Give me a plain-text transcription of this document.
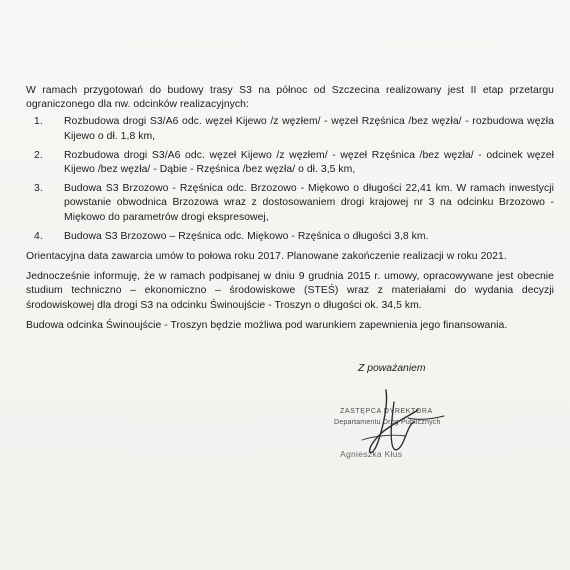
W ramach przygotowań do budowy trasy S3 na północ od Szczecina realizowany jest II etap przetargu ograniczonego dla nw. odcinków realizacyjnych:

1. Rozbudowa drogi S3/A6 odc. węzeł Kijewo /z węzłem/ - węzeł Rzęśnica /bez węzła/ - rozbudowa węzła Kijewo o dł. 1,8 km,
2. Rozbudowa drogi S3/A6 odc. węzeł Kijewo /z węzłem/ - węzeł Rzęśnica /bez węzła/ - odcinek węzeł Kijewo /bez węzła/ - Dąbie - Rzęśnica /bez węzła/ o dł. 3,5 km,
3. Budowa S3 Brzozowo - Rzęśnica odc. Brzozowo - Miękowo o długości 22,41 km. W ramach inwestycji powstanie obwodnica Brzozowa wraz z dostosowaniem drogi krajowej nr 3 na odcinku Brzozowo - Miękowo do parametrów drogi ekspresowej,
4. Budowa S3 Brzozowo – Rzęśnica odc. Miękowo - Rzęśnica o długości 3,8 km.

Orientacyjna data zawarcia umów to połowa roku 2017. Planowane zakończenie realizacji w roku 2021.

Jednocześnie informuję, że w ramach podpisanej w dniu 9 grudnia 2015 r. umowy, opracowywane jest obecnie studium techniczno – ekonomiczno – środowiskowe (STEŚ) wraz z materiałami do wydania decyzji środowiskowej dla drogi S3 na odcinku Świnoujście - Troszyn o długości ok. 34,5 km.

Budowa odcinka Świnoujście - Troszyn będzie możliwa pod warunkiem zapewnienia jego finansowania.

Z poważaniem
ZASTĘPCA DYREKTORA
Departamentu Dróg Publicznych
Agnieszka Kłus
